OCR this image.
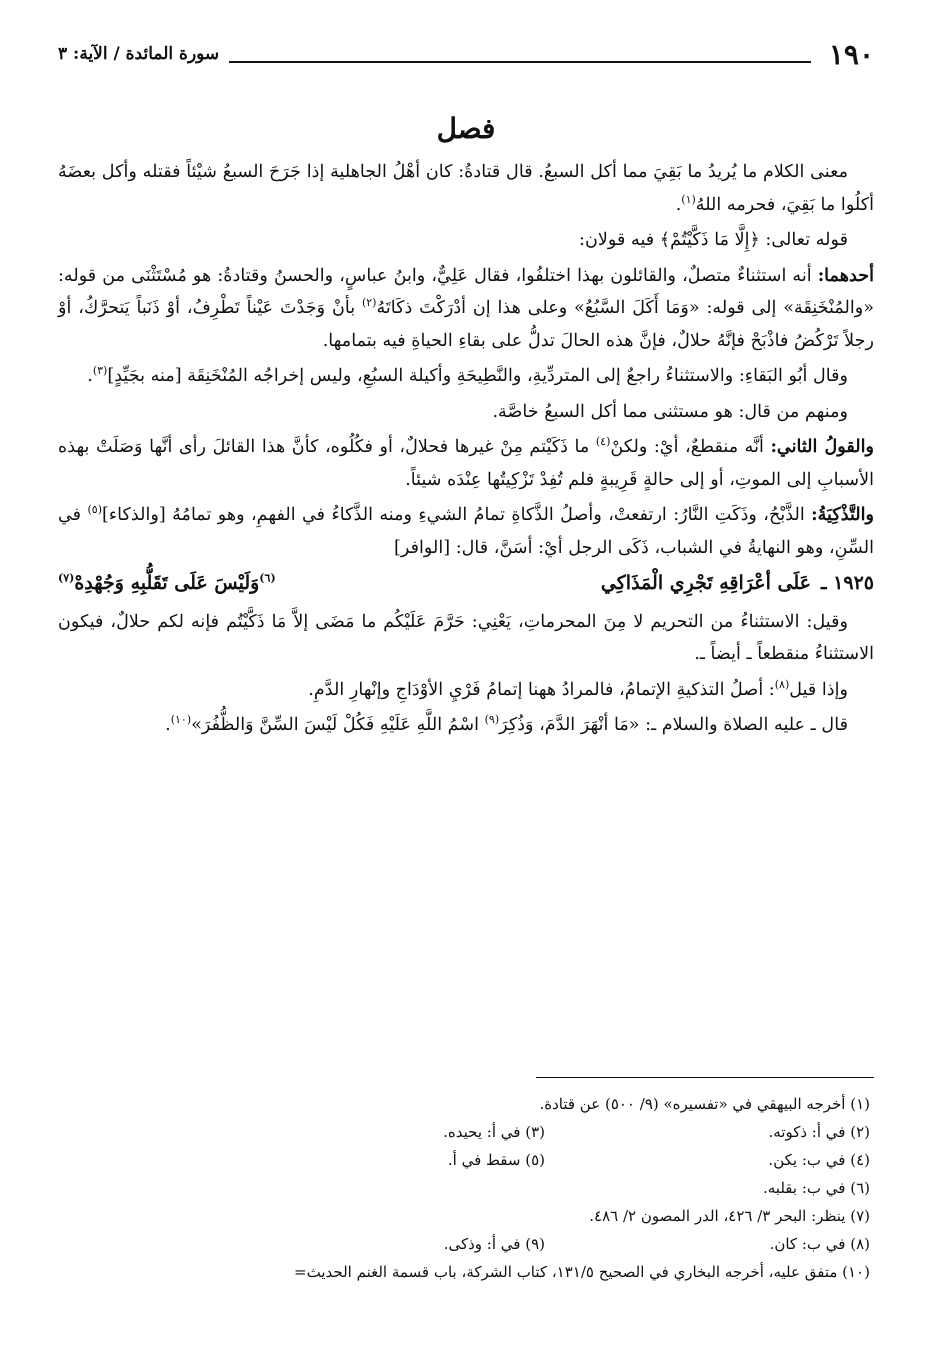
١٩٠
سورة المائدة / الآية: ٣
فصل

معنى الكلام ما يُريدُ ما بَقِيَ مما أكل السبعُ. قال قتادةُ: كان أهْلُ الجاهلية إذا جَرَحَ السبعُ شيْئاً فقتله وأكل بعضَهُ أكلُوا ما بَقِيَ، فحرمه اللهُ$^{(١)}$.

قوله تعالى: ﴿إِلَّا مَا ذَكَّيْتُمْ﴾ فيه قولان:

أحدهما: أنه استثناءٌ متصلٌ، والقائلون بهذا اختلفُوا، فقال عَلِيٌّ، وابنُ عباسٍ، والحسنُ وقتادةُ: هو مُسْتَثْنَى من قوله: «والمُنْخَنِقَة» إلى قوله: «وَمَا أَكَلَ السَّبُعُ» وعلى هذا إن أدْرَكْتَ ذكَاتَهُ$^{(٢)}$ بأنْ وَجَدْتَ عَيْناً تَطْرِفُ، أوْ ذَنَباً يَتحرَّكُ، أوْ رجلاً تَرْكُضُ فاذْبَحْ فإنَّهُ حلالٌ، فإنَّ هذه الحالَ تدلُّ على بقاءِ الحياةِ فيه بتمامها.

وقال أبُو البَقاءِ: والاستثناءُ راجعٌ إلى المتردِّيةِ، والنَّطِيحَةِ وأكيلة السبُعِ، وليس إخراجُه المُنْخَنِقَة [منه بجَيِّدٍ]$^{(٣)}$.

ومنهم من قال: هو مستثنى مما أكل السبعُ خاصَّة.

والقولُ الثاني: أنَّه منقطعٌ، أيْ: ولكنْ$^{(٤)}$ ما ذَكَيْتم مِنْ غيرها فحلالٌ، أو فكُلُوه، كأنَّ هذا القائلَ رأى أنَّها وَصَلَتْ بهذه الأسبابِ إلى الموتِ، أو إلى حالةٍ قَرِيبةٍ فلم تُفِدْ تَزْكِيتُها عِنْدَه شيئاً.

والتَّذْكِيَةُ: الذَّبْحُ، وذَكَتِ النَّارُ: ارتفعتْ، وأصلُ الذَّكاةِ تمامُ الشيءِ ومنه الذَّكاءُ في الفهمِ، وهو تمامُهُ [والذكاء]$^{(٥)}$ في السِّنِ، وهو النهايةُ في الشباب، ذَكَى الرجل أيْ: أسَنَّ، قال: [الوافر]

١٩٢٥ ـ
عَلَى أعْرَاقِهِ تَجْرِي الْمَذَاكِي
$^{(٦)}$وَلَيْسَ عَلَى تَقَلُّبِهِ وَجُهْدِهْ$^{(٧)}$

وقيل: الاستثناءُ من التحريم لا مِنَ المحرماتِ، يَعْنِي: حَرَّمَ عَلَيْكُم ما مَضَى إلاَّ مَا ذَكَّيْتُم فإنه لكم حلالٌ، فيكون الاستثناءُ منقطعاً ـ أيضاً ـ.

وإذا قيل$^{(٨)}$: أصلُ التذكيةِ الإتمامُ، فالمرادُ ههنا إتمامُ فَرْيِ الأوْدَاجِ وإنْهارِ الدَّمِ.

قال ـ عليه الصلاة والسلام ـ: «مَا أنْهَرَ الدَّمَ، وَذُكِرَ$^{(٩)}$ اسْمُ اللَّهِ عَلَيْهِ فَكُلْ لَيْسَ السِّنَّ وَالظُّفُرَ»$^{(١٠)}$.

(١) أخرجه البيهقي في «تفسيره» (٩/ ٥٠٠) عن قتادة.
(٢) في أ: ذكوته.
(٣) في أ: يحيده.
(٤) في ب: يكن.
(٥) سقط في أ.
(٦) في ب: بقلبه.
(٧) ينظر: البحر ٣/ ٤٢٦، الدر المصون ٢/ ٤٨٦.
(٨) في ب: كان.
(٩) في أ: وذكى.
(١٠) متفق عليه، أخرجه البخاري في الصحيح ١٣١/٥، كتاب الشركة، باب قسمة الغنم الحديث=
